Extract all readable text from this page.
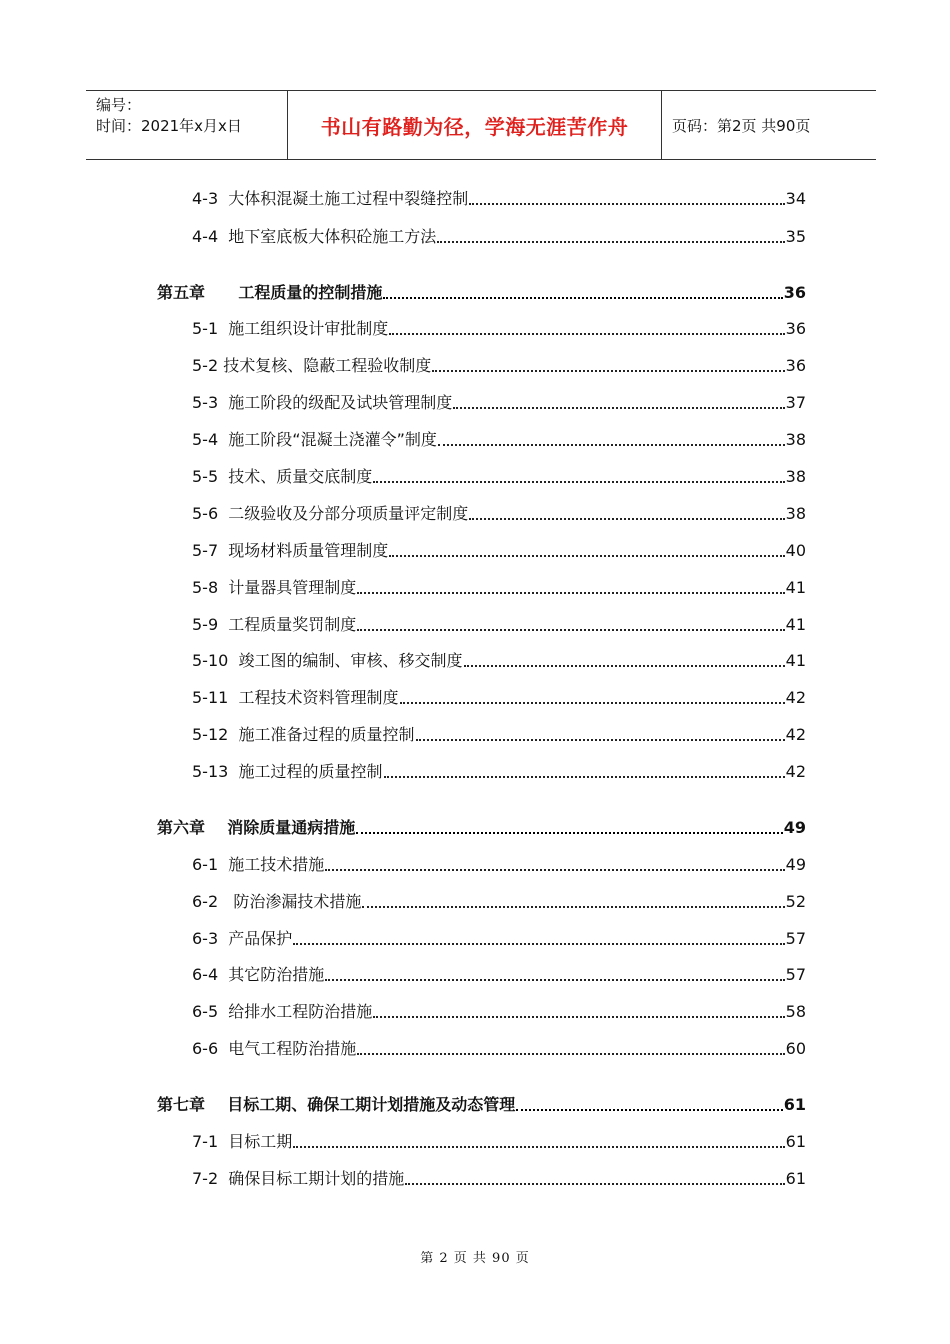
编号：
时间：2021年x月x日	书山有路勤为径，学海无涯苦作舟	页码：第2页 共90页
4-3  大体积混凝土施工过程中裂缝控制	34
4-4  地下室底板大体积砼施工方法	35
第五章      工程质量的控制措施	36
5-1  施工组织设计审批制度	36
5-2 技术复核、隐蔽工程验收制度	36
5-3  施工阶段的级配及试块管理制度	37
5-4  施工阶段“混凝土浇灌令”制度	38
5-5  技术、质量交底制度	38
5-6  二级验收及分部分项质量评定制度	38
5-7  现场材料质量管理制度	40
5-8  计量器具管理制度	41
5-9  工程质量奖罚制度	41
5-10  竣工图的编制、审核、移交制度	41
5-11  工程技术资料管理制度	42
5-12  施工准备过程的质量控制	42
5-13  施工过程的质量控制	42
第六章    消除质量通病措施	49
6-1  施工技术措施	49
6-2   防治渗漏技术措施	52
6-3  产品保护	57
6-4  其它防治措施	57
6-5  给排水工程防治措施	58
6-6  电气工程防治措施	60
第七章    目标工期、确保工期计划措施及动态管理	61
7-1  目标工期	61
7-2  确保目标工期计划的措施	61
第 2 页 共 90 页
